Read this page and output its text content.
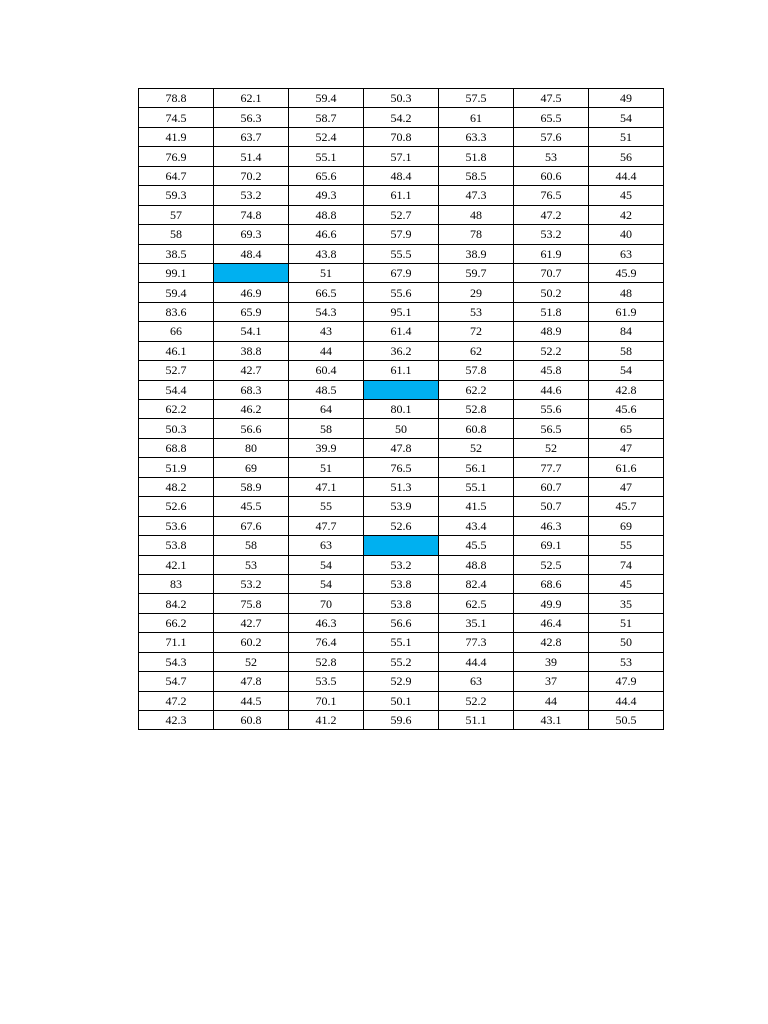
78.8	62.1	59.4	50.3	57.5	47.5	49
74.5	56.3	58.7	54.2	61	65.5	54
41.9	63.7	52.4	70.8	63.3	57.6	51
76.9	51.4	55.1	57.1	51.8	53	56
64.7	70.2	65.6	48.4	58.5	60.6	44.4
59.3	53.2	49.3	61.1	47.3	76.5	45
57	74.8	48.8	52.7	48	47.2	42
58	69.3	46.6	57.9	78	53.2	40
38.5	48.4	43.8	55.5	38.9	61.9	63
99.1		51	67.9	59.7	70.7	45.9
59.4	46.9	66.5	55.6	29	50.2	48
83.6	65.9	54.3	95.1	53	51.8	61.9
66	54.1	43	61.4	72	48.9	84
46.1	38.8	44	36.2	62	52.2	58
52.7	42.7	60.4	61.1	57.8	45.8	54
54.4	68.3	48.5		62.2	44.6	42.8
62.2	46.2	64	80.1	52.8	55.6	45.6
50.3	56.6	58	50	60.8	56.5	65
68.8	80	39.9	47.8	52	52	47
51.9	69	51	76.5	56.1	77.7	61.6
48.2	58.9	47.1	51.3	55.1	60.7	47
52.6	45.5	55	53.9	41.5	50.7	45.7
53.6	67.6	47.7	52.6	43.4	46.3	69
53.8	58	63		45.5	69.1	55
42.1	53	54	53.2	48.8	52.5	74
83	53.2	54	53.8	82.4	68.6	45
84.2	75.8	70	53.8	62.5	49.9	35
66.2	42.7	46.3	56.6	35.1	46.4	51
71.1	60.2	76.4	55.1	77.3	42.8	50
54.3	52	52.8	55.2	44.4	39	53
54.7	47.8	53.5	52.9	63	37	47.9
47.2	44.5	70.1	50.1	52.2	44	44.4
42.3	60.8	41.2	59.6	51.1	43.1	50.5
